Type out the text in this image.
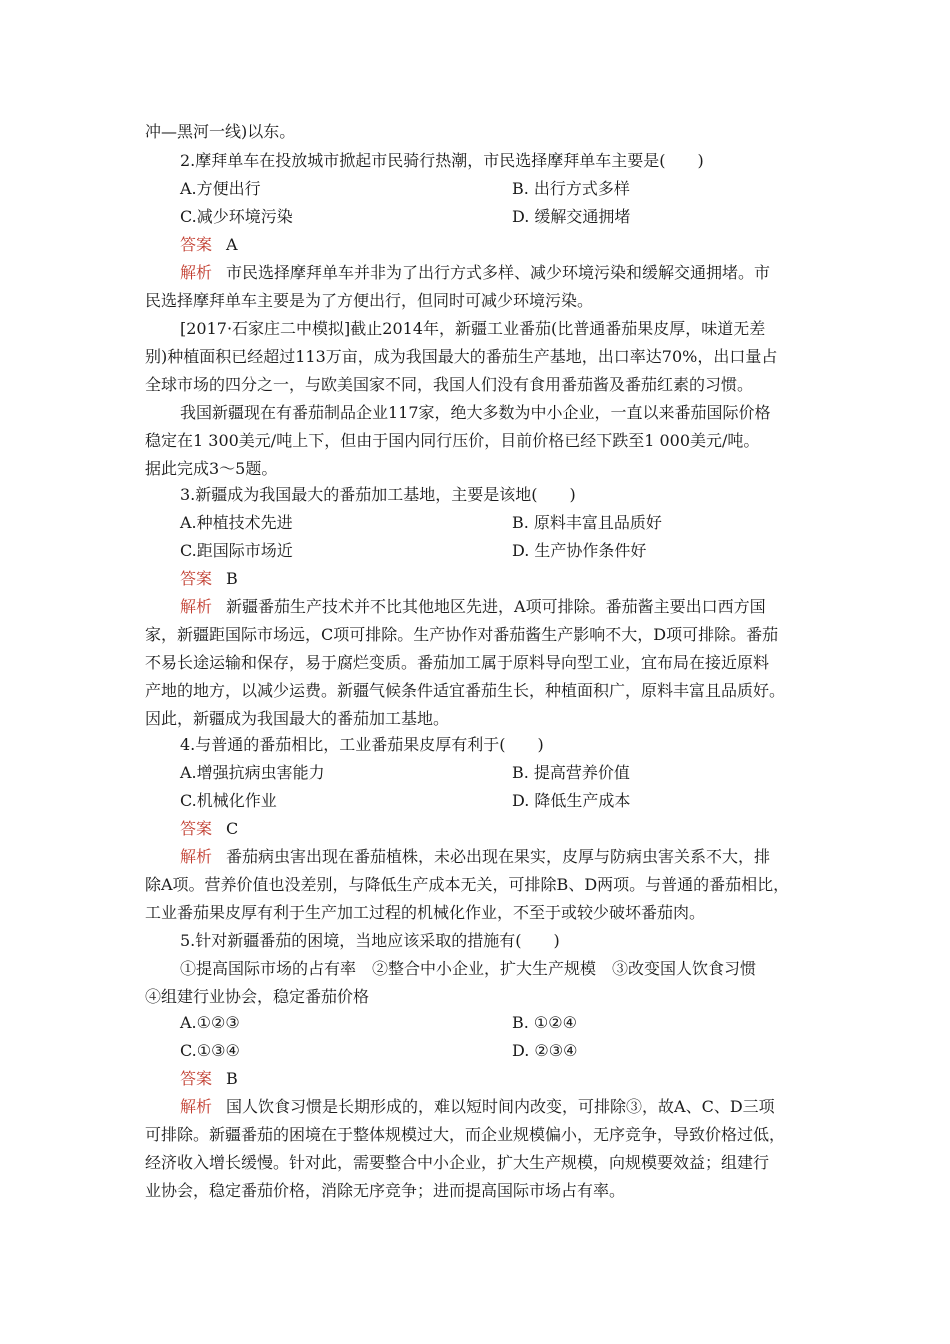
冲—黑河一线)以东。
2.摩拜单车在投放城市掀起市民骑行热潮，市民选择摩拜单车主要是(　　)
A.方便出行	B. 出行方式多样
C.减少环境污染	D. 缓解交通拥堵
答案 A
解析 市民选择摩拜单车并非为了出行方式多样、减少环境污染和缓解交通拥堵。市
民选择摩拜单车主要是为了方便出行，但同时可减少环境污染。
[2017·石家庄二中模拟]截止2014年，新疆工业番茄(比普通番茄果皮厚，味道无差
别)种植面积已经超过113万亩，成为我国最大的番茄生产基地，出口率达70%，出口量占
全球市场的四分之一，与欧美国家不同，我国人们没有食用番茄酱及番茄红素的习惯。
我国新疆现在有番茄制品企业117家，绝大多数为中小企业，一直以来番茄国际价格
稳定在1 300美元/吨上下，但由于国内同行压价，目前价格已经下跌至1 000美元/吨。
据此完成3～5题。
3.新疆成为我国最大的番茄加工基地，主要是该地(　　)
A.种植技术先进	B. 原料丰富且品质好
C.距国际市场近	D. 生产协作条件好
答案 B
解析 新疆番茄生产技术并不比其他地区先进，A项可排除。番茄酱主要出口西方国
家，新疆距国际市场远，C项可排除。生产协作对番茄酱生产影响不大，D项可排除。番茄
不易长途运输和保存，易于腐烂变质。番茄加工属于原料导向型工业，宜布局在接近原料
产地的地方，以减少运费。新疆气候条件适宜番茄生长，种植面积广，原料丰富且品质好。
因此，新疆成为我国最大的番茄加工基地。
4.与普通的番茄相比，工业番茄果皮厚有利于(　　)
A.增强抗病虫害能力	B. 提高营养价值
C.机械化作业	D. 降低生产成本
答案 C
解析 番茄病虫害出现在番茄植株，未必出现在果实，皮厚与防病虫害关系不大，排
除A项。营养价值也没差别，与降低生产成本无关，可排除B、D两项。与普通的番茄相比，
工业番茄果皮厚有利于生产加工过程的机械化作业，不至于或较少破坏番茄肉。
5.针对新疆番茄的困境，当地应该采取的措施有(　　)
①提高国际市场的占有率　②整合中小企业，扩大生产规模　③改变国人饮食习惯
④组建行业协会，稳定番茄价格
A.①②③	B. ①②④
C.①③④	D. ②③④
答案 B
解析 国人饮食习惯是长期形成的，难以短时间内改变，可排除③，故A、C、D三项
可排除。新疆番茄的困境在于整体规模过大，而企业规模偏小，无序竞争，导致价格过低，
经济收入增长缓慢。针对此，需要整合中小企业，扩大生产规模，向规模要效益；组建行
业协会，稳定番茄价格，消除无序竞争；进而提高国际市场占有率。
